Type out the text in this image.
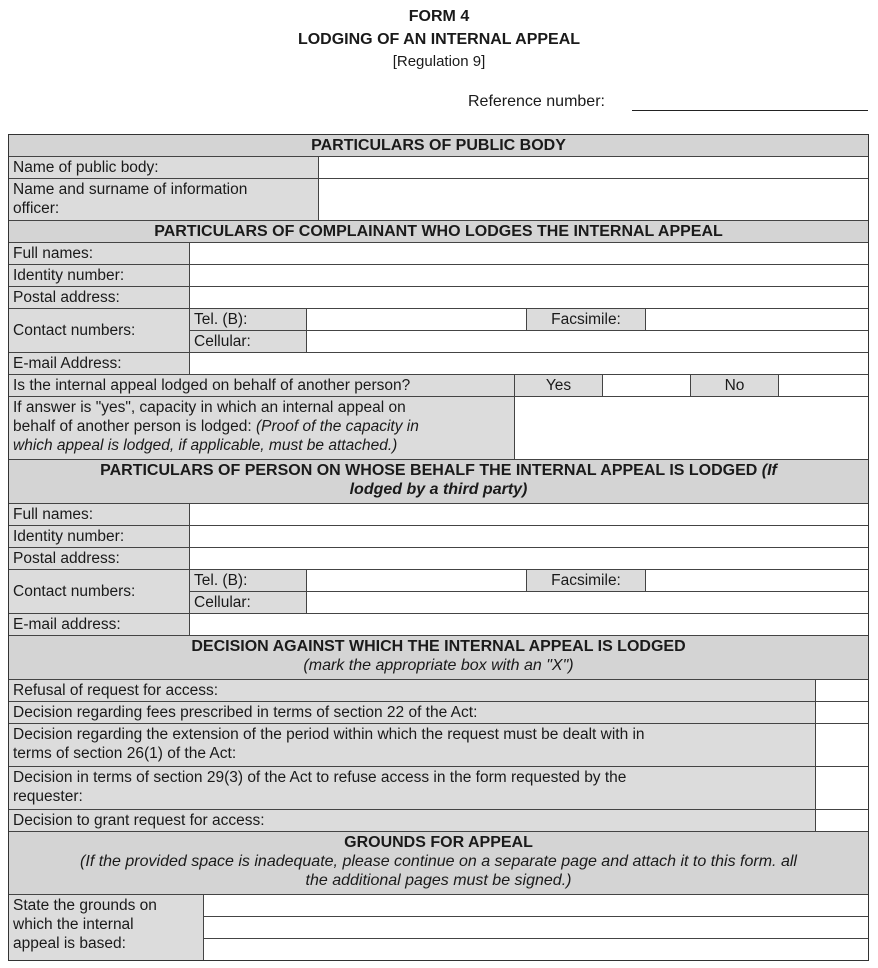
FORM 4
LODGING OF AN INTERNAL APPEAL
[Regulation 9]
Reference number:
PARTICULARS OF PUBLIC BODY
Name of public body:
Name and surname of information
officer:
PARTICULARS OF COMPLAINANT WHO LODGES THE INTERNAL APPEAL
Full names:
Identity number:
Postal address:
Contact numbers:
Tel. (B):	Facsimile:
Cellular:
E-mail Address:
Is the internal appeal lodged on behalf of another person?	Yes	No
If answer is "yes", capacity in which an internal appeal on
behalf of another person is lodged: (Proof of the capacity in
which appeal is lodged, if applicable, must be attached.)
PARTICULARS OF PERSON ON WHOSE BEHALF THE INTERNAL APPEAL IS LODGED (If
lodged by a third party)
Full names:
Identity number:
Postal address:
Contact numbers:
Tel. (B):	Facsimile:
Cellular:
E-mail address:
DECISION AGAINST WHICH THE INTERNAL APPEAL IS LODGED
(mark the appropriate box with an "X")
Refusal of request for access:
Decision regarding fees prescribed in terms of section 22 of the Act:
Decision regarding the extension of the period within which the request must be dealt with in
terms of section 26(1) of the Act:
Decision in terms of section 29(3) of the Act to refuse access in the form requested by the
requester:
Decision to grant request for access:
GROUNDS FOR APPEAL
(If the provided space is inadequate, please continue on a separate page and attach it to this form. all
the additional pages must be signed.)
State the grounds on
which the internal
appeal is based:
